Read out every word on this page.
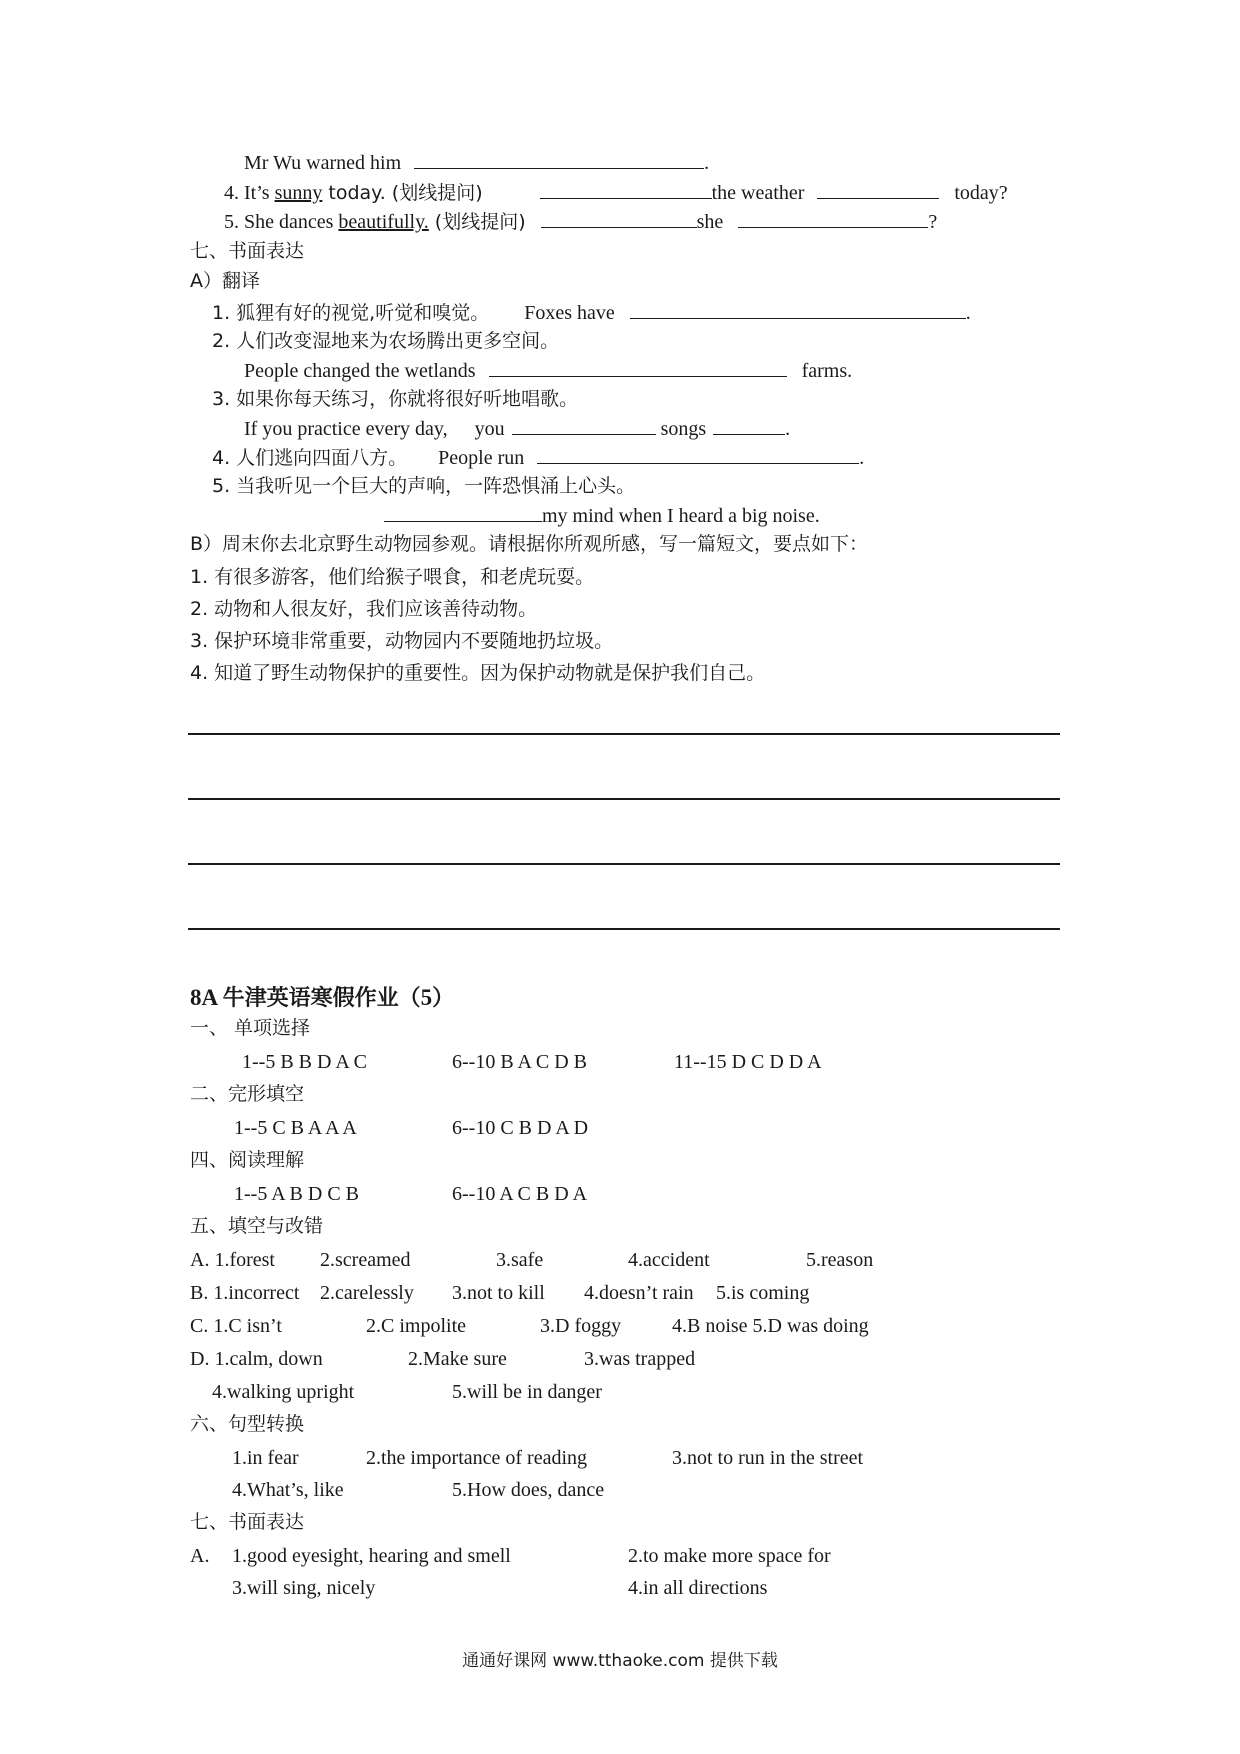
Mr Wu warned him	.
4. It’s sunny today. (划线提问)	the weather	today?
5. She dances beautifully. (划线提问)	she	?
七、书面表达
A）翻译
1. 狐狸有好的视觉,听觉和嗅觉。 Foxes have	.
2. 人们改变湿地来为农场腾出更多空间。
People changed the wetlands	farms.
3. 如果你每天练习，你就将很好听地唱歌。
If you practice every day, you	songs	.
4. 人们逃向四面八方。 People run	.
5. 当我听见一个巨大的声响，一阵恐惧涌上心头。
my mind when I heard a big noise.
B）周末你去北京野生动物园参观。请根据你所观所感，写一篇短文，要点如下：
1. 有很多游客，他们给猴子喂食，和老虎玩耍。
2. 动物和人很友好，我们应该善待动物。
3. 保护环境非常重要，动物园内不要随地扔垃圾。
4. 知道了野生动物保护的重要性。因为保护动物就是保护我们自己。
8A 牛津英语寒假作业（5）
一、 单项选择
1--5 B B D A C	6--10 B A C D B	11--15 D C D D A
二、完形填空
1--5 C B A A A	6--10 C B D A D
四、阅读理解
1--5 A B D C B	6--10 A C B D A
五、填空与改错
A. 1.forest 2.screamed	3.safe	4.accident	5.reason
B. 1.incorrect 2.carelessly 3.not to kill 4.doesn’t rain 5.is coming
C. 1.C isn’t	2.C impolite	3.D foggy	4.B noise 5.D was doing
D. 1.calm, down	2.Make sure	3.was trapped
4.walking upright	5.will be in danger
六、句型转换
1.in fear	2.the importance of reading	3.not to run in the street
4.What’s, like	5.How does, dance
七、书面表达
A. 1.good eyesight, hearing and smell	2.to make more space for
3.will sing, nicely	4.in all directions
通通好课网 www.tthaoke.com 提供下载
